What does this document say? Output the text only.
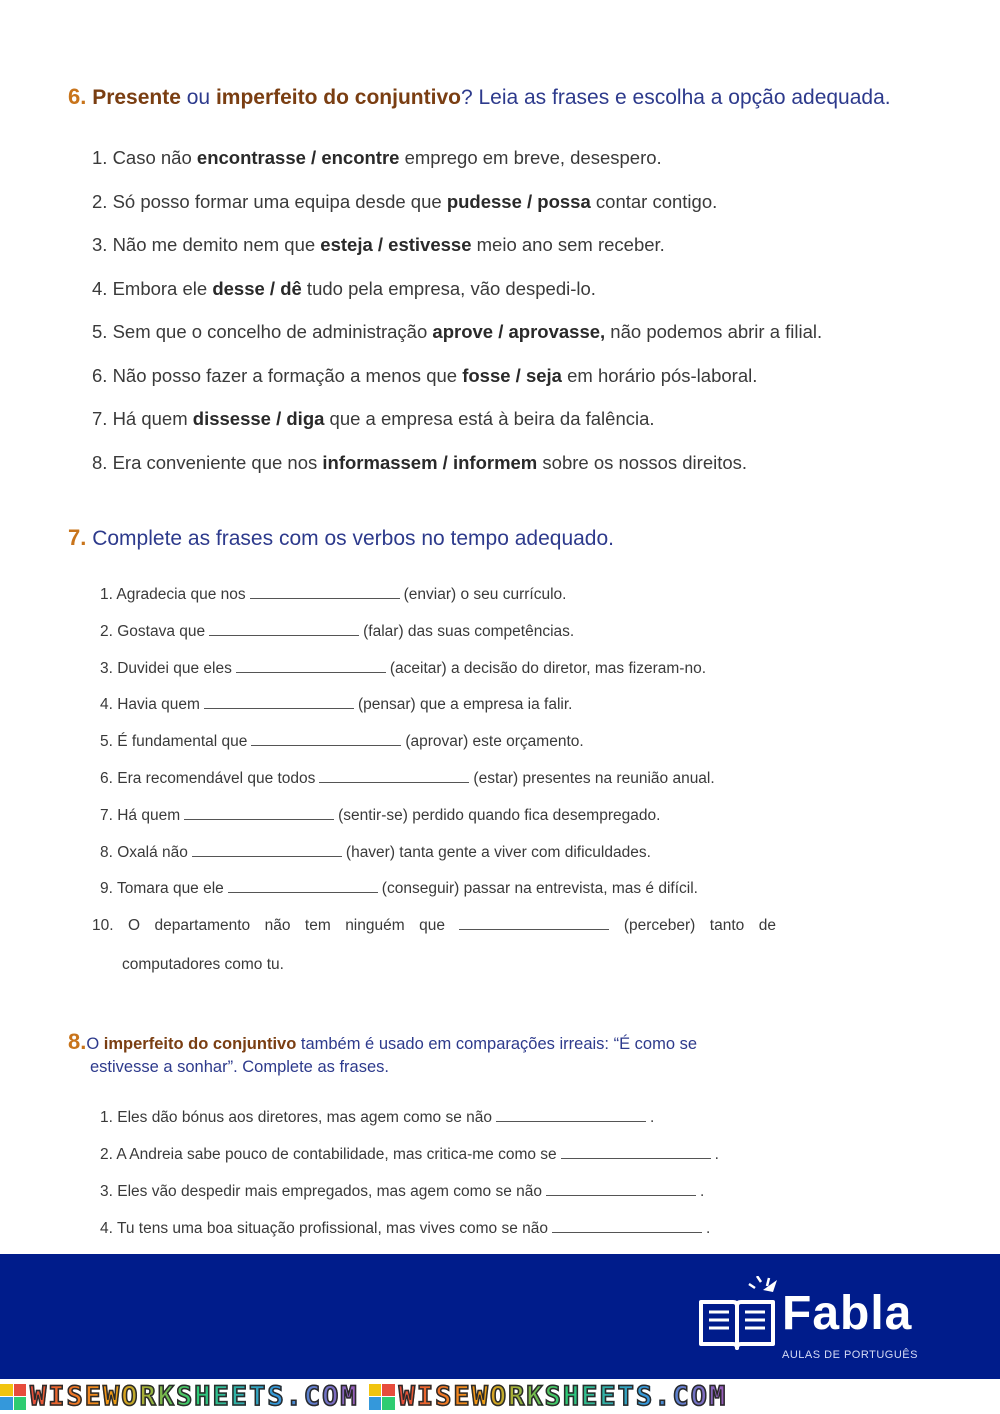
6. Presente ou imperfeito do conjuntivo? Leia as frases e escolha a opção adequada.
1. Caso não encontrasse / encontre emprego em breve, desespero.
2. Só posso formar uma equipa desde que pudesse / possa contar contigo.
3. Não me demito nem que esteja / estivesse meio ano sem receber.
4. Embora ele desse / dê tudo pela empresa, vão despedi-lo.
5. Sem que o concelho de administração aprove / aprovasse, não podemos abrir a filial.
6. Não posso fazer a formação a menos que fosse / seja em horário pós-laboral.
7. Há quem dissesse / diga que a empresa está à beira da falência.
8. Era conveniente que nos informassem / informem sobre os nossos direitos.
7. Complete as frases com os verbos no tempo adequado.
1. Agradecia que nos	(enviar) o seu currículo.
2. Gostava que	(falar) das suas competências.
3. Duvidei que eles	(aceitar) a decisão do diretor, mas fizeram-no.
4. Havia quem	(pensar) que a empresa ia falir.
5. É fundamental que	(aprovar) este orçamento.
6. Era recomendável que todos	(estar) presentes na reunião anual.
7. Há quem	(sentir-se) perdido quando fica desempregado.
8. Oxalá não	(haver) tanta gente a viver com dificuldades.
9. Tomara que ele	(conseguir) passar na entrevista, mas é difícil.
10. O departamento não tem ninguém que	(perceber) tanto de
computadores como tu.
8.O imperfeito do conjuntivo também é usado em comparações irreais: “É como se
estivesse a sonhar”. Complete as frases.
1. Eles dão bónus aos diretores, mas agem como se não	.
2. A Andreia sabe pouco de contabilidade, mas critica-me como se	.
3. Eles vão despedir mais empregados, mas agem como se não	.
4. Tu tens uma boa situação profissional, mas vives como se não	.
Fabla
AULAS DE PORTUGUÊS
WISEWORKSHEETS.COM WISEWORKSHEETS.COM
